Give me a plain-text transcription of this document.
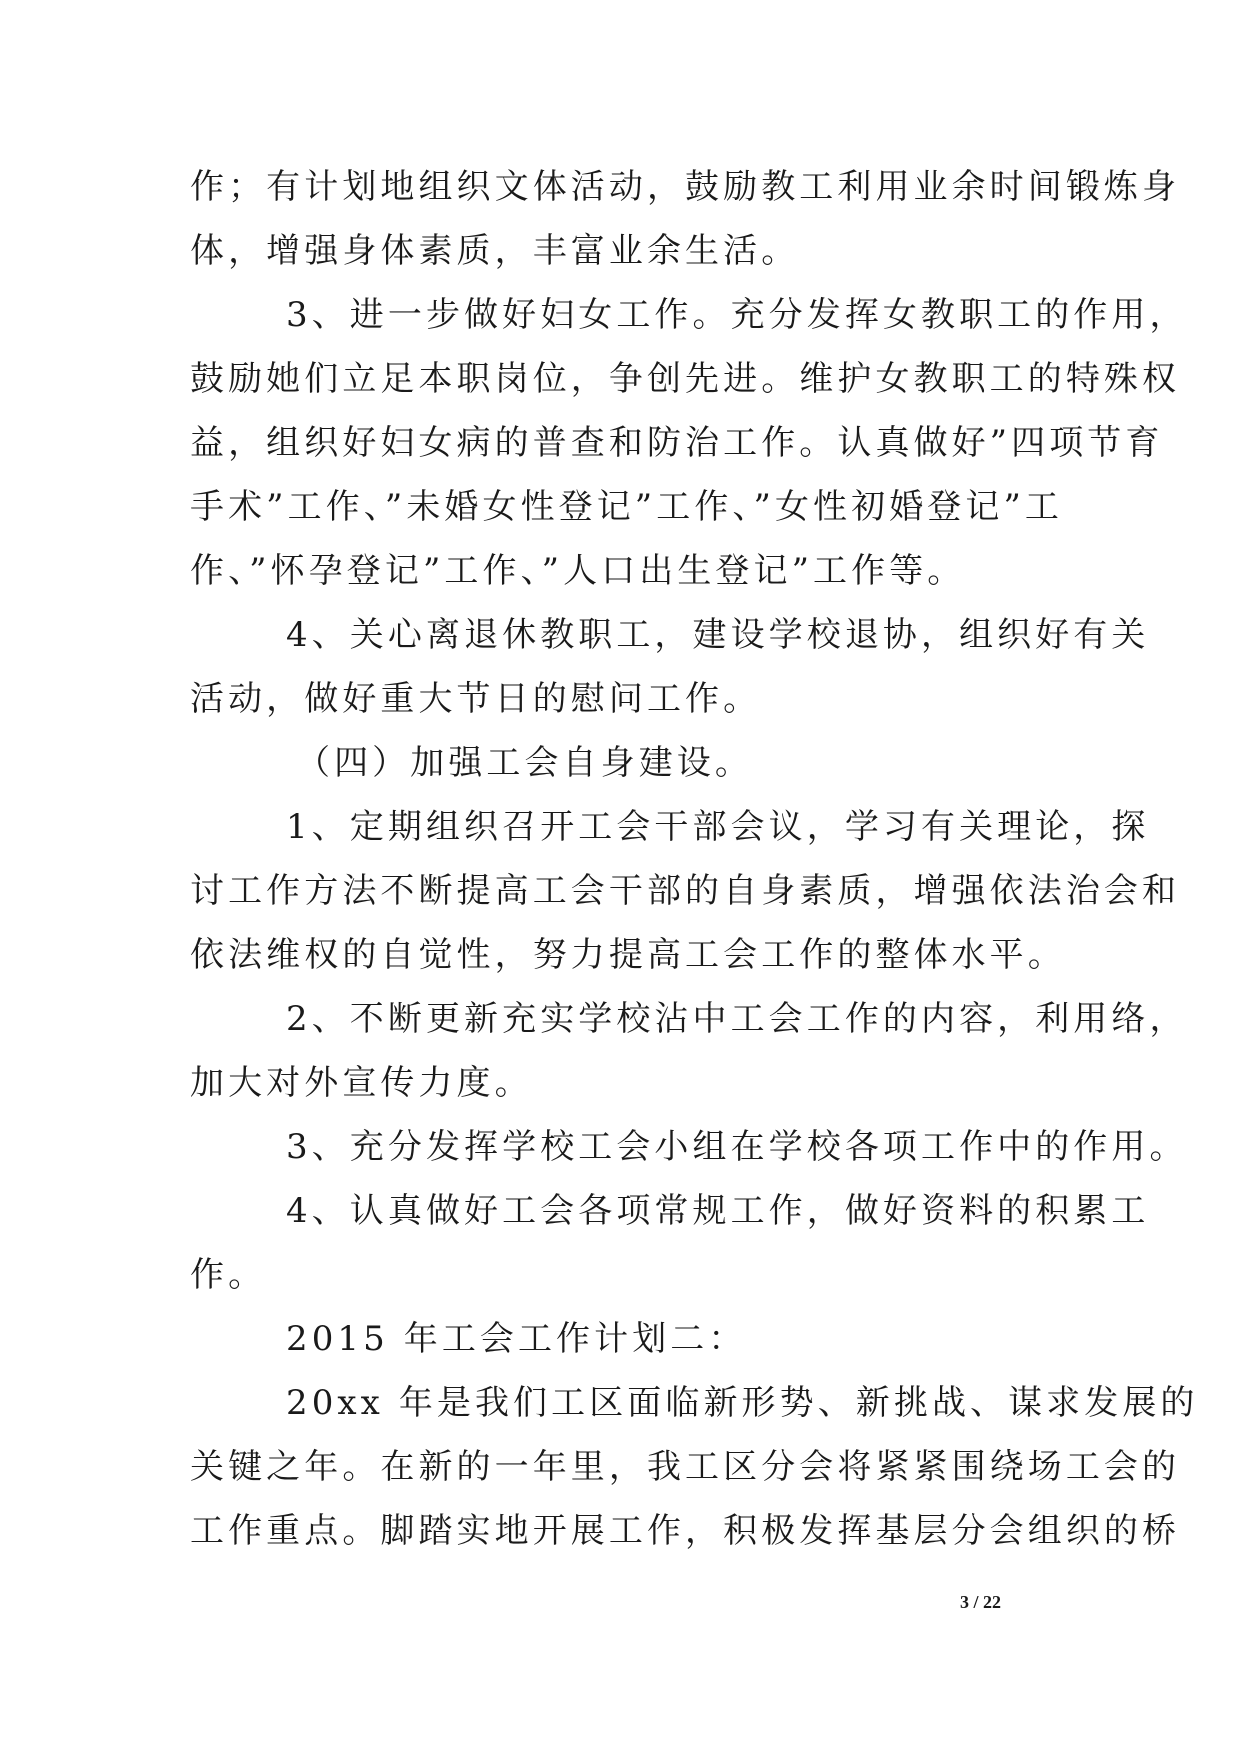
作；有计划地组织文体活动，鼓励教工利用业余时间锻炼身
体，增强身体素质，丰富业余生活。
3、进一步做好妇女工作。充分发挥女教职工的作用，
鼓励她们立足本职岗位，争创先进。维护女教职工的特殊权
益，组织好妇女病的普查和防治工作。认真做好”四项节育
手术”工作、”未婚女性登记”工作、”女性初婚登记”工
作、”怀孕登记”工作、”人口出生登记”工作等。
4、关心离退休教职工，建设学校退协，组织好有关
活动，做好重大节日的慰问工作。
（四）加强工会自身建设。
1、定期组织召开工会干部会议，学习有关理论，探
讨工作方法不断提高工会干部的自身素质，增强依法治会和
依法维权的自觉性，努力提高工会工作的整体水平。
2、不断更新充实学校沾中工会工作的内容，利用络，
加大对外宣传力度。
3、充分发挥学校工会小组在学校各项工作中的作用。
4、认真做好工会各项常规工作，做好资料的积累工
作。
2015 年工会工作计划二：
20xx 年是我们工区面临新形势、新挑战、谋求发展的
关键之年。在新的一年里，我工区分会将紧紧围绕场工会的
工作重点。脚踏实地开展工作，积极发挥基层分会组织的桥
3 / 22
